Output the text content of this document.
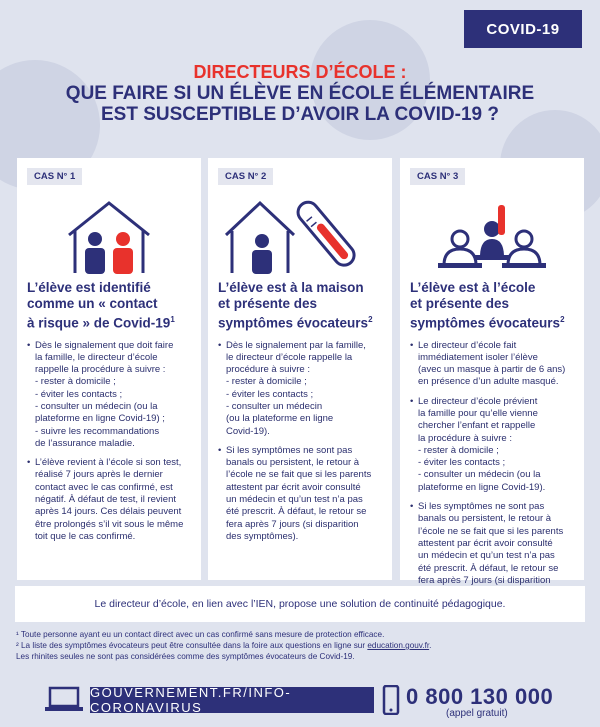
COVID-19
DIRECTEURS D’ÉCOLE :
QUE FAIRE SI UN ÉLÈVE EN ÉCOLE ÉLÉMENTAIRE
EST SUSCEPTIBLE D’AVOIR LA COVID-19 ?
CAS N° 1
L’élève est identifié
comme un « contact
à risque » de Covid-$19^1$
• Dès le signalement que doit faire
la famille, le directeur d’école
rappelle la procédure à suivre :
- rester à domicile ;
- éviter les contacts ;
- consulter un médecin (ou la
plateforme en ligne Covid-19) ;
- suivre les recommandations
de l’assurance maladie.
• L’élève revient à l’école si son test,
réalisé 7 jours après le dernier
contact avec le cas confirmé, est
négatif. À défaut de test, il revient
après 14 jours. Ces délais peuvent
être prolongés s’il vit sous le même
toit que le cas confirmé.
CAS N° 2
L’élève est à la maison
et présente des
symptômes évocateurs$^2$
• Dès le signalement par la famille,
le directeur d’école rappelle la
procédure à suivre :
- rester à domicile ;
- éviter les contacts ;
- consulter un médecin
(ou la plateforme en ligne
Covid-19).
• Si les symptômes ne sont pas
banals ou persistent, le retour à
l’école ne se fait que si les parents
attestent par écrit avoir consulté
un médecin et qu’un test n’a pas
été prescrit. À défaut, le retour se
fera après 7 jours (si disparition
des symptômes).
CAS N° 3
L’élève est à l’école
et présente des
symptômes évocateurs$^2$
• Le directeur d’école fait
immédiatement isoler l’élève
(avec un masque à partir de 6 ans)
en présence d’un adulte masqué.
• Le directeur d’école prévient
la famille pour qu’elle vienne
chercher l’enfant et rappelle
la procédure à suivre :
- rester à domicile ;
- éviter les contacts ;
- consulter un médecin (ou la
plateforme en ligne Covid-19).
• Si les symptômes ne sont pas
banals ou persistent, le retour à
l’école ne se fait que si les parents
attestent par écrit avoir consulté
un médecin et qu’un test n’a pas
été prescrit. À défaut, le retour se
fera après 7 jours (si disparition
Le directeur d’école, en lien avec l’IEN, propose une solution de continuité pédagogique.
¹ Toute personne ayant eu un contact direct avec un cas confirmé sans mesure de protection efficace.
² La liste des symptômes évocateurs peut être consultée dans la foire aux questions en ligne sur education.gouv.fr.
Les rhinites seules ne sont pas considérées comme des symptômes évocateurs de Covid-19.
GOUVERNEMENT.FR/INFO-CORONAVIRUS	0 800 130 000
(appel gratuit)
